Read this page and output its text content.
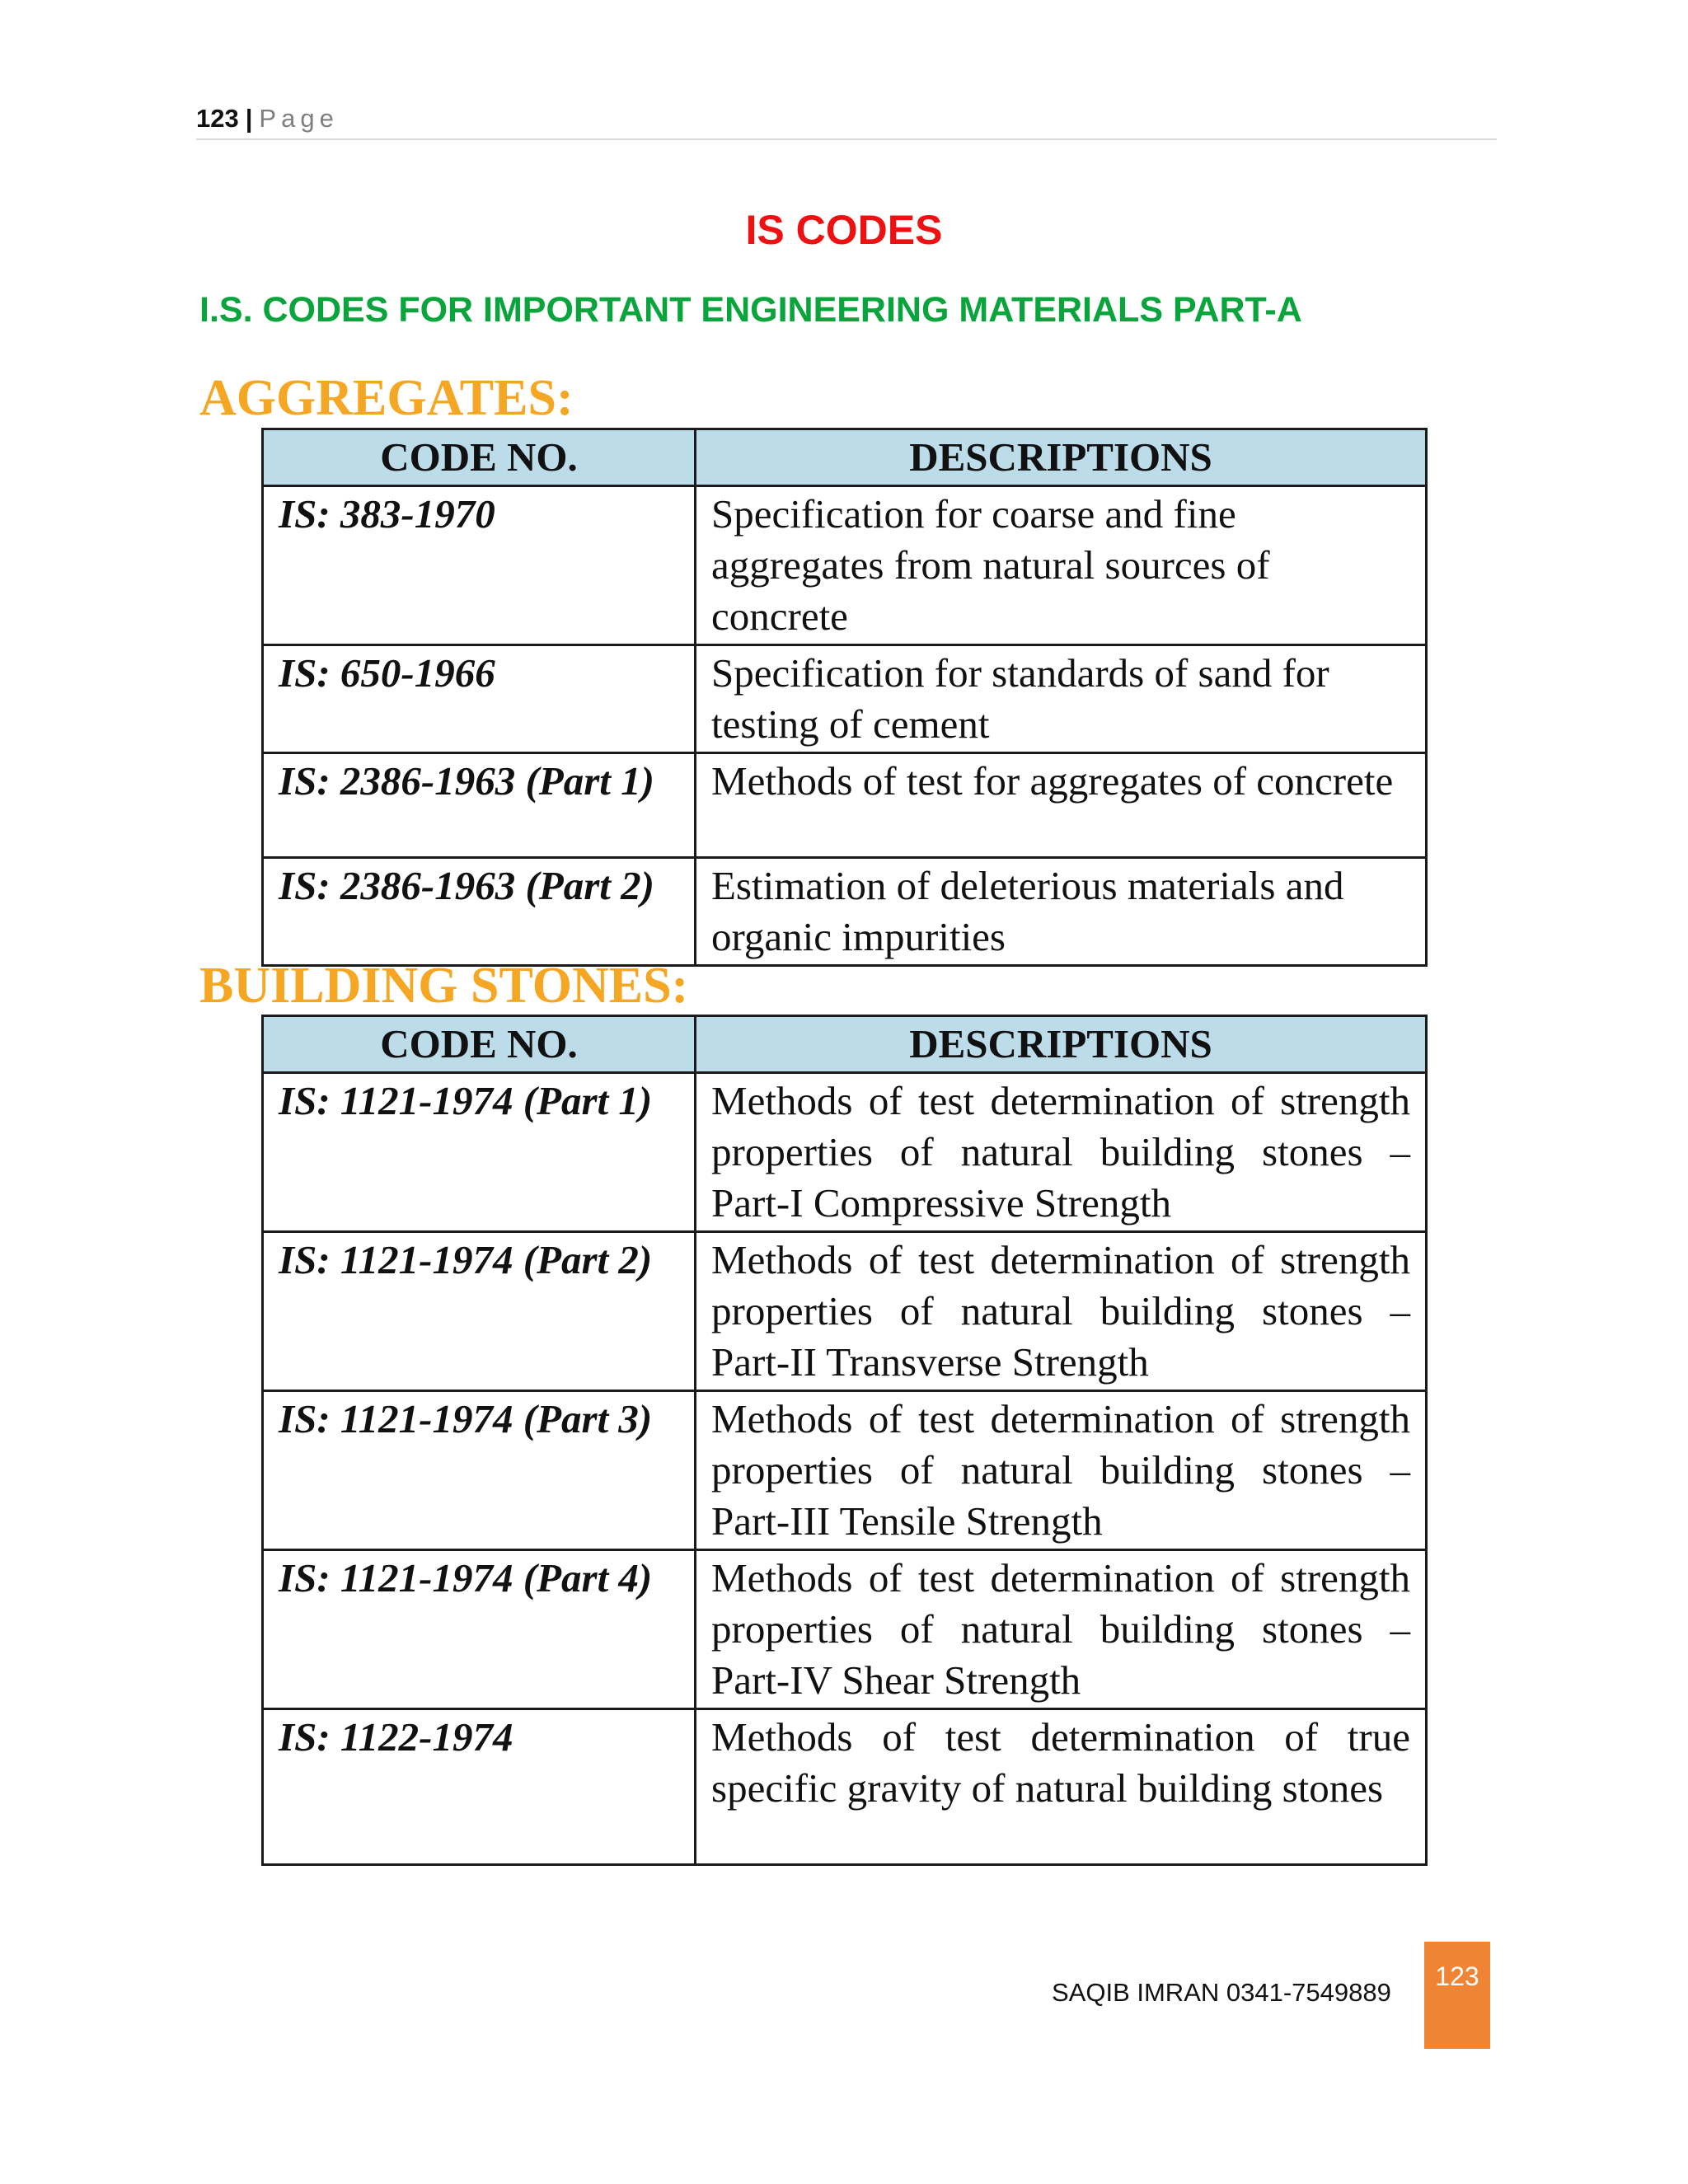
123 | Page
IS CODES
I.S. CODES FOR IMPORTANT ENGINEERING MATERIALS PART-A
AGGREGATES:
CODE NO.	DESCRIPTIONS
IS: 383-1970	Specification for coarse and fine aggregates from natural sources of concrete
IS: 650-1966	Specification for standards of sand for testing of cement
IS: 2386-1963 (Part 1)	Methods of test for aggregates of concrete
IS: 2386-1963 (Part 2)	Estimation of deleterious materials and organic impurities
BUILDING STONES:
CODE NO.	DESCRIPTIONS
IS: 1121-1974 (Part 1)	Methods of test determination of strength properties of natural building stones – Part-I Compressive Strength
IS: 1121-1974 (Part 2)	Methods of test determination of strength properties of natural building stones – Part-II Transverse Strength
IS: 1121-1974 (Part 3)	Methods of test determination of strength properties of natural building stones – Part-III Tensile Strength
IS: 1121-1974 (Part 4)	Methods of test determination of strength properties of natural building stones – Part-IV Shear Strength
IS: 1122-1974	Methods of test determination of true specific gravity of natural building stones
SAQIB IMRAN 0341-7549889
123
